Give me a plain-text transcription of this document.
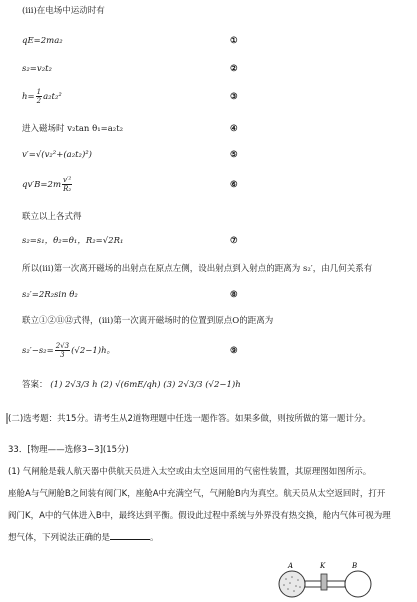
(iii)在电场中运动时有
qE=2ma₂	①
s₂=v₂t₂	②
$h= \frac{1}{2} a_2t_2^2$	③
进入磁场时 v₂tan θ₁=a₂t₂	④
v′=√(v₂²+(a₂t₂)²)	⑤
$qv'B=2m \frac{\text{v′²}}{\text{R₂}}$	⑥
联立以上各式得
s₂=s₁，θ₂=θ₁，R₂=√2R₁	⑦
所以(iii)第一次离开磁场的出射点在原点左侧，设出射点到入射点的距离为 s₂′，由几何关系有
s₂′=2R₂sin θ₂	⑧
联立①②⑪⑫式得，(iii)第一次离开磁场时的位置到原点O的距离为
$s_2'-s_2= \frac{2√3}{3} (√2-1)h$。	⑨
答案： (1) 2√3/3 h (2) √(6mE/qh) (3) 2√3/3 (√2−1)h
(二)选考题：共15分。请考生从2道物理题中任选一题作答。如果多做，则按所做的第一题计分。
33．[物理——选修3−3](15分)
(1) 气闸舱是载人航天器中供航天员进入太空或由太空返回用的气密性装置，其原理图如图所示。
座舱A与气闸舱B之间装有阀门K，座舱A中充满空气，气闸舱B内为真空。航天员从太空返回时，打开
阀门K，A中的气体进入B中，最终达到平衡。假设此过程中系统与外界没有热交换，舱内气体可视为理
想气体，下列说法正确的是	。
A	K	B
